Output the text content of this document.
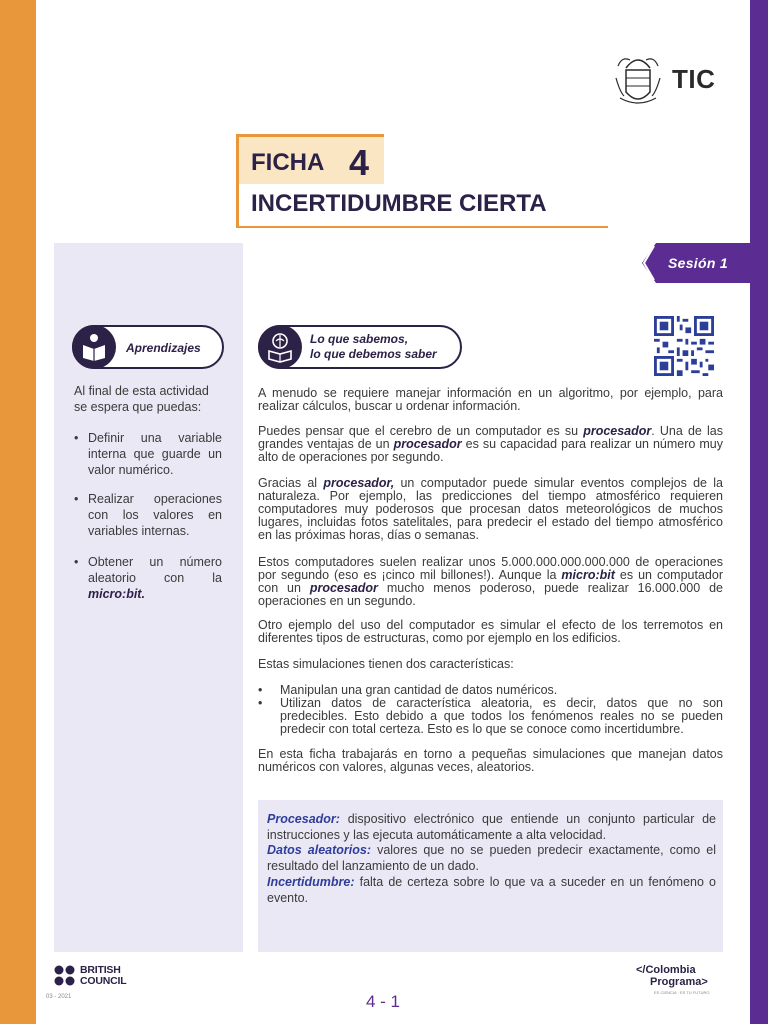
TIC
FICHA 4
INCERTIDUMBRE CIERTA
Sesión 1
Aprendizajes
Al final de esta actividad se espera que puedas:
• Definir una variable interna que guarde un valor numérico.
• Realizar operaciones con los valores en variables internas.
• Obtener un número aleatorio con la micro:bit.
Lo que sabemos,
lo que debemos saber
A menudo se requiere manejar información en un algoritmo, por ejemplo, para realizar cálculos, buscar u ordenar información.
Puedes pensar que el cerebro de un computador es su procesador. Una de las grandes ventajas de un procesador es su capacidad para realizar un número muy alto de operaciones por segundo.
Gracias al procesador, un computador puede simular eventos complejos de la naturaleza. Por ejemplo, las predicciones del tiempo atmosférico requieren computadores muy poderosos que procesan datos meteorológicos de muchos lugares, incluidas fotos satelitales, para predecir el estado del tiempo atmosférico en las próximas horas, días o semanas.
Estos computadores suelen realizar unos 5.000.000.000.000.000 de operaciones por segundo (eso es ¡cinco mil billones!). Aunque la micro:bit es un computador con un procesador mucho menos poderoso, puede realizar 16.000.000 de operaciones en un segundo.
Otro ejemplo del uso del computador es simular el efecto de los terremotos en diferentes tipos de estructuras, como por ejemplo en los edificios.
Estas simulaciones tienen dos características:
• Manipulan una gran cantidad de datos numéricos.
• Utilizan datos de característica aleatoria, es decir, datos que no son predecibles. Esto debido a que todos los fenómenos reales no se pueden predecir con total certeza. Esto es lo que se conoce como incertidumbre.
En esta ficha trabajarás en torno a pequeñas simulaciones que manejan datos numéricos con valores, algunas veces, aleatorios.
Procesador: dispositivo electrónico que entiende un conjunto particular de instrucciones y las ejecuta automáticamente a alta velocidad.
Datos aleatorios: valores que no se pueden predecir exactamente, como el resultado del lanzamiento de un dado.
Incertidumbre: falta de certeza sobre lo que va a suceder en un fenómeno o evento.
BRITISH
COUNCIL
03 - 2021	4 - 1
</Colombia
Programa>
ES CIENCIA · ES TU FUTURO
